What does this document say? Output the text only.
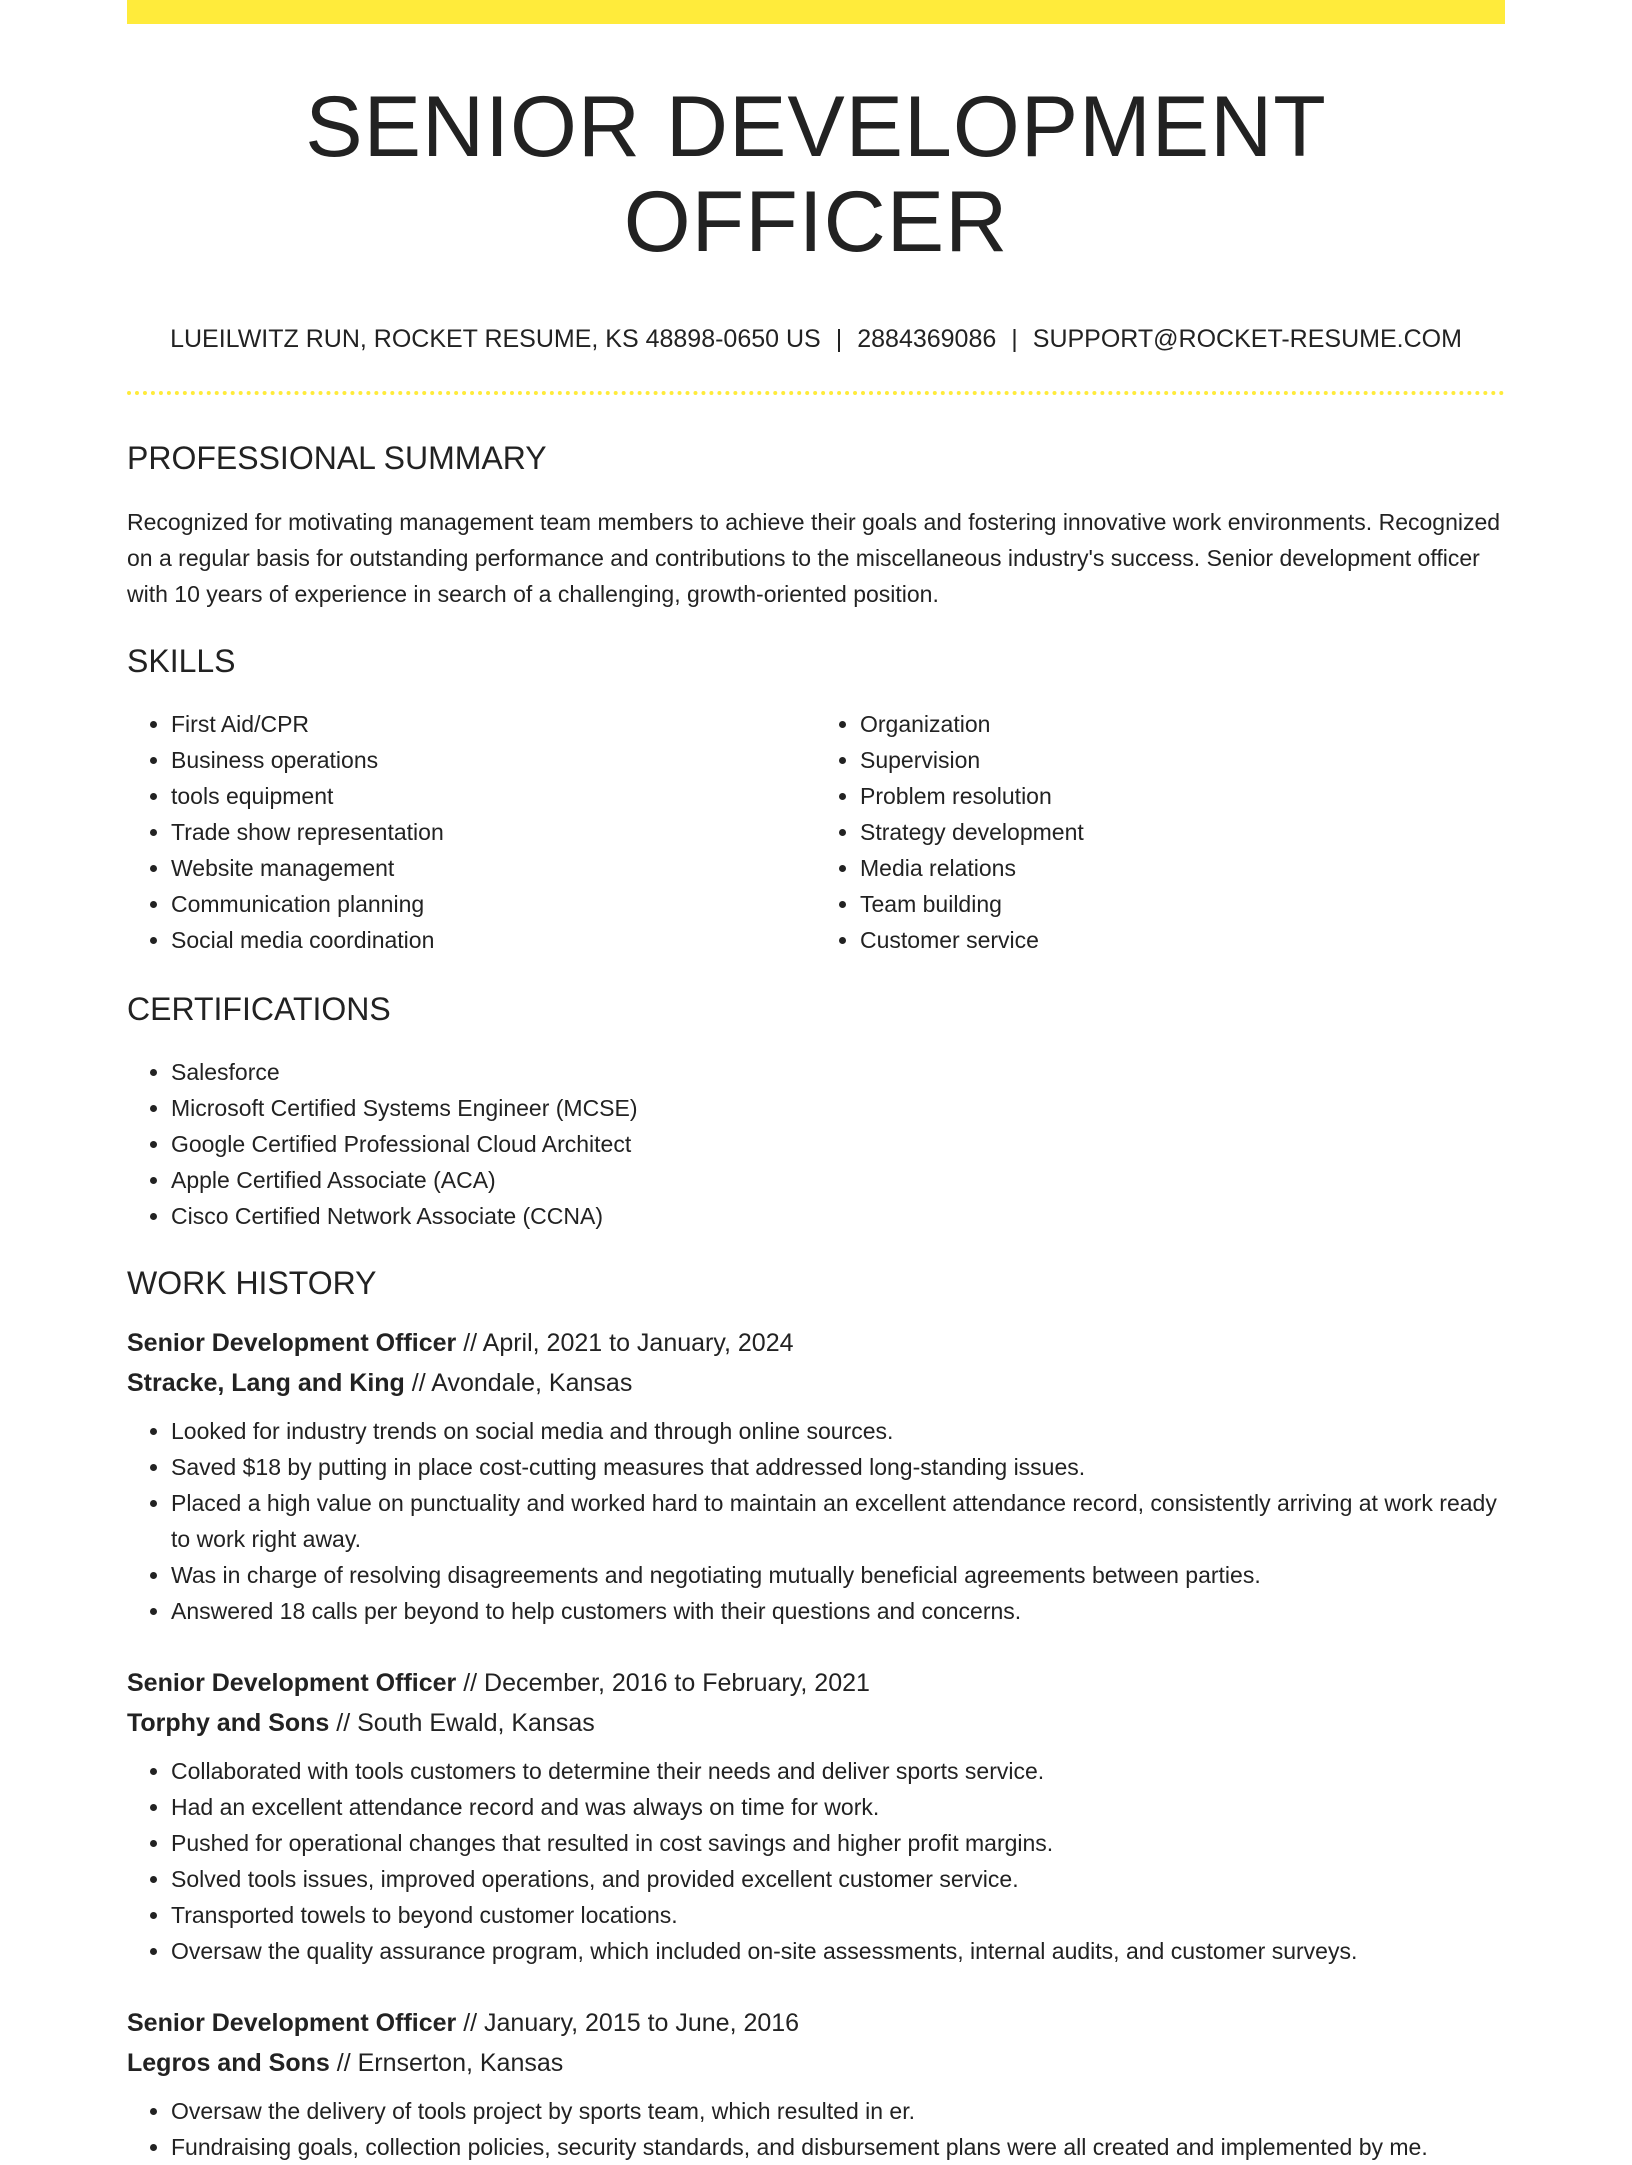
SENIOR DEVELOPMENT OFFICER
LUEILWITZ RUN, ROCKET RESUME, KS 48898-0650 US | 2884369086 | SUPPORT@ROCKET-RESUME.COM
PROFESSIONAL SUMMARY

Recognized for motivating management team members to achieve their goals and fostering innovative work environments. Recognized on a regular basis for outstanding performance and contributions to the miscellaneous industry's success. Senior development officer with 10 years of experience in search of a challenging, growth-oriented position.

SKILLS
• First Aid/CPR
• Business operations
• tools equipment
• Trade show representation
• Website management
• Communication planning
• Social media coordination
• Organization
• Supervision
• Problem resolution
• Strategy development
• Media relations
• Team building
• Customer service
CERTIFICATIONS
• Salesforce
• Microsoft Certified Systems Engineer (MCSE)
• Google Certified Professional Cloud Architect
• Apple Certified Associate (ACA)
• Cisco Certified Network Associate (CCNA)
WORK HISTORY
Senior Development Officer // April, 2021 to January, 2024
Stracke, Lang and King // Avondale, Kansas
• Looked for industry trends on social media and through online sources.
• Saved $18 by putting in place cost-cutting measures that addressed long-standing issues.
• Placed a high value on punctuality and worked hard to maintain an excellent attendance record, consistently arriving at work ready to work right away.
• Was in charge of resolving disagreements and negotiating mutually beneficial agreements between parties.
• Answered 18 calls per beyond to help customers with their questions and concerns.
Senior Development Officer // December, 2016 to February, 2021
Torphy and Sons // South Ewald, Kansas
• Collaborated with tools customers to determine their needs and deliver sports service.
• Had an excellent attendance record and was always on time for work.
• Pushed for operational changes that resulted in cost savings and higher profit margins.
• Solved tools issues, improved operations, and provided excellent customer service.
• Transported towels to beyond customer locations.
• Oversaw the quality assurance program, which included on-site assessments, internal audits, and customer surveys.
Senior Development Officer // January, 2015 to June, 2016
Legros and Sons // Ernserton, Kansas
• Oversaw the delivery of tools project by sports team, which resulted in er.
• Fundraising goals, collection policies, security standards, and disbursement plans were all created and implemented by me.
